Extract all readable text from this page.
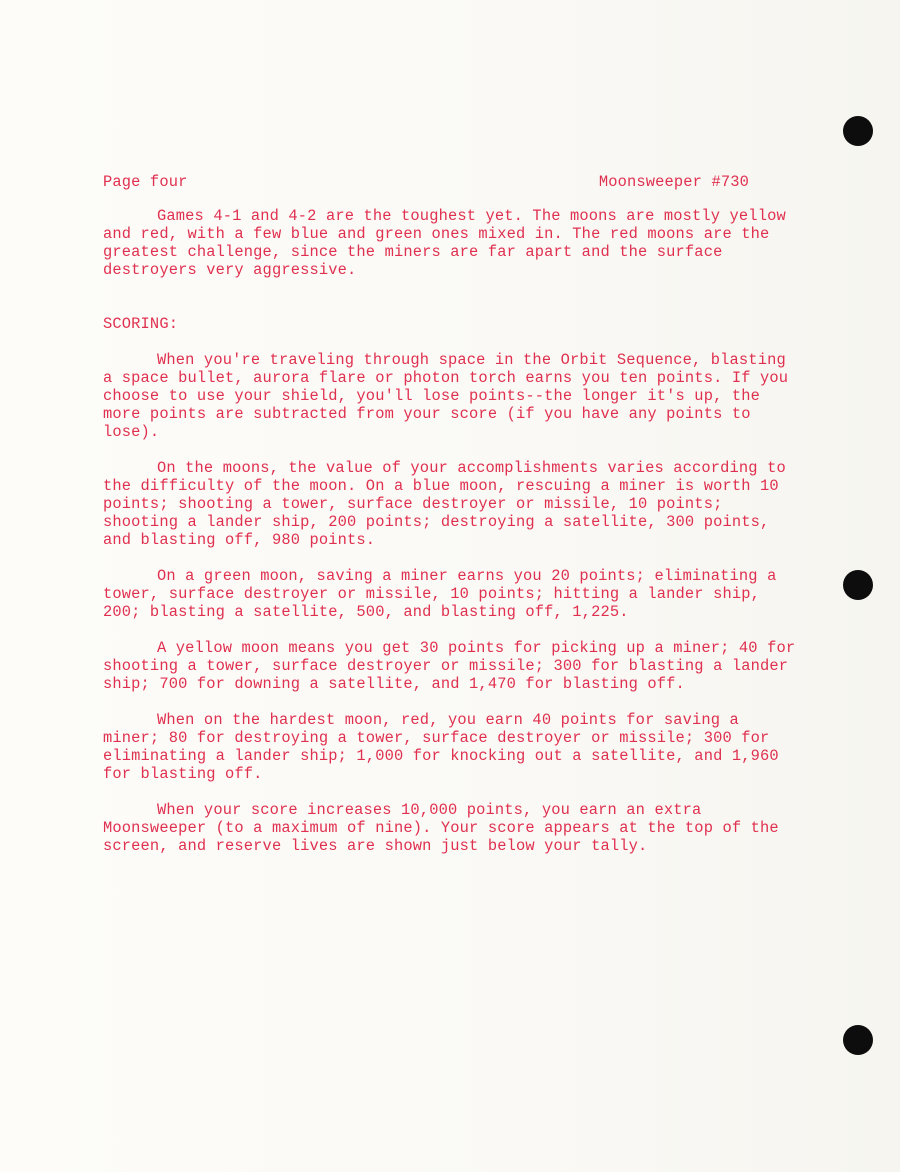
Page four	Moonsweeper #730

Games 4-1 and 4-2 are the toughest yet. The moons are mostly yellow and red, with a few blue and green ones mixed in. The red moons are the greatest challenge, since the miners are far apart and the surface destroyers very aggressive.

SCORING:

When you're traveling through space in the Orbit Sequence, blasting a space bullet, aurora flare or photon torch earns you ten points. If you choose to use your shield, you'll lose points--the longer it's up, the more points are subtracted from your score (if you have any points to lose).

On the moons, the value of your accomplishments varies according to the difficulty of the moon. On a blue moon, rescuing a miner is worth 10 points; shooting a tower, surface destroyer or missile, 10 points; shooting a lander ship, 200 points; destroying a satellite, 300 points, and blasting off, 980 points.

On a green moon, saving a miner earns you 20 points; eliminating a tower, surface destroyer or missile, 10 points; hitting a lander ship, 200; blasting a satellite, 500, and blasting off, 1,225.

A yellow moon means you get 30 points for picking up a miner; 40 for shooting a tower, surface destroyer or missile; 300 for blasting a lander ship; 700 for downing a satellite, and 1,470 for blasting off.

When on the hardest moon, red, you earn 40 points for saving a miner; 80 for destroying a tower, surface destroyer or missile; 300 for eliminating a lander ship; 1,000 for knocking out a satellite, and 1,960 for blasting off.

When your score increases 10,000 points, you earn an extra Moonsweeper (to a maximum of nine). Your score appears at the top of the screen, and reserve lives are shown just below your tally.
